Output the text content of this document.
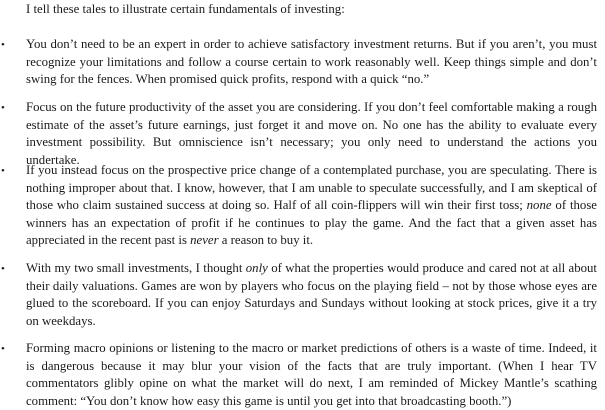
I tell these tales to illustrate certain fundamentals of investing:

• You don’t need to be an expert in order to achieve satisfactory investment returns. But if you aren’t, you must recognize your limitations and follow a course certain to work reasonably well. Keep things simple and don’t swing for the fences. When promised quick profits, respond with a quick “no.”

• Focus on the future productivity of the asset you are considering. If you don’t feel comfortable making a rough estimate of the asset’s future earnings, just forget it and move on. No one has the ability to evaluate every investment possibility. But omniscience isn’t necessary; you only need to understand the actions you undertake.

• If you instead focus on the prospective price change of a contemplated purchase, you are speculating. There is nothing improper about that. I know, however, that I am unable to speculate successfully, and I am skeptical of those who claim sustained success at doing so. Half of all coin-flippers will win their first toss; none of those winners has an expectation of profit if he continues to play the game. And the fact that a given asset has appreciated in the recent past is never a reason to buy it.

• With my two small investments, I thought only of what the properties would produce and cared not at all about their daily valuations. Games are won by players who focus on the playing field – not by those whose eyes are glued to the scoreboard. If you can enjoy Saturdays and Sundays without looking at stock prices, give it a try on weekdays.

• Forming macro opinions or listening to the macro or market predictions of others is a waste of time. Indeed, it is dangerous because it may blur your vision of the facts that are truly important. (When I hear TV commentators glibly opine on what the market will do next, I am reminded of Mickey Mantle’s scathing comment: “You don’t know how easy this game is until you get into that broadcasting booth.”)
